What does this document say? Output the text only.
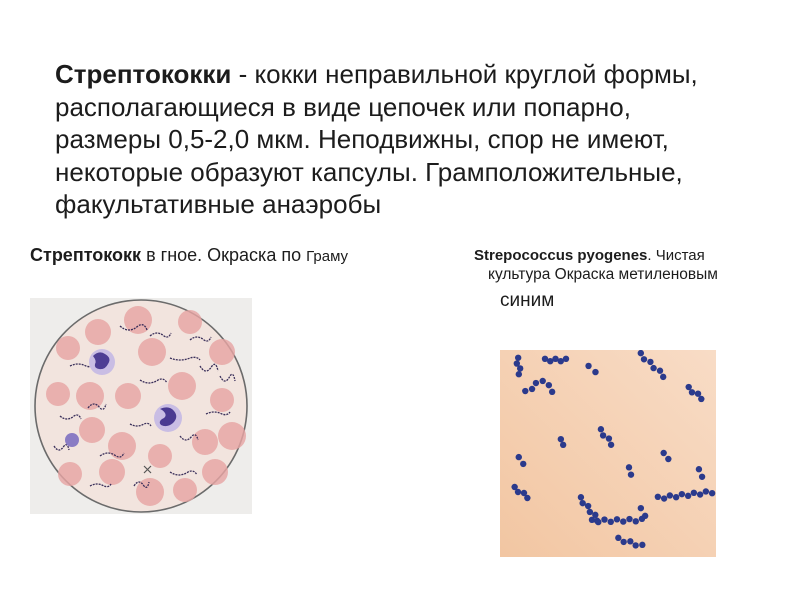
Стрептококки - кокки неправильной круглой формы,
располагающиеся в виде цепочек или попарно,
размеры 0,5-2,0 мкм. Неподвижны, спор не имеют,
некоторые образуют капсулы. Грамположительные,
факультативные анаэробы
Стрептококк в гное. Окраска по Граму	Strepococcus pyogenes. Чистая
культура Окраска метиленовым
синим
